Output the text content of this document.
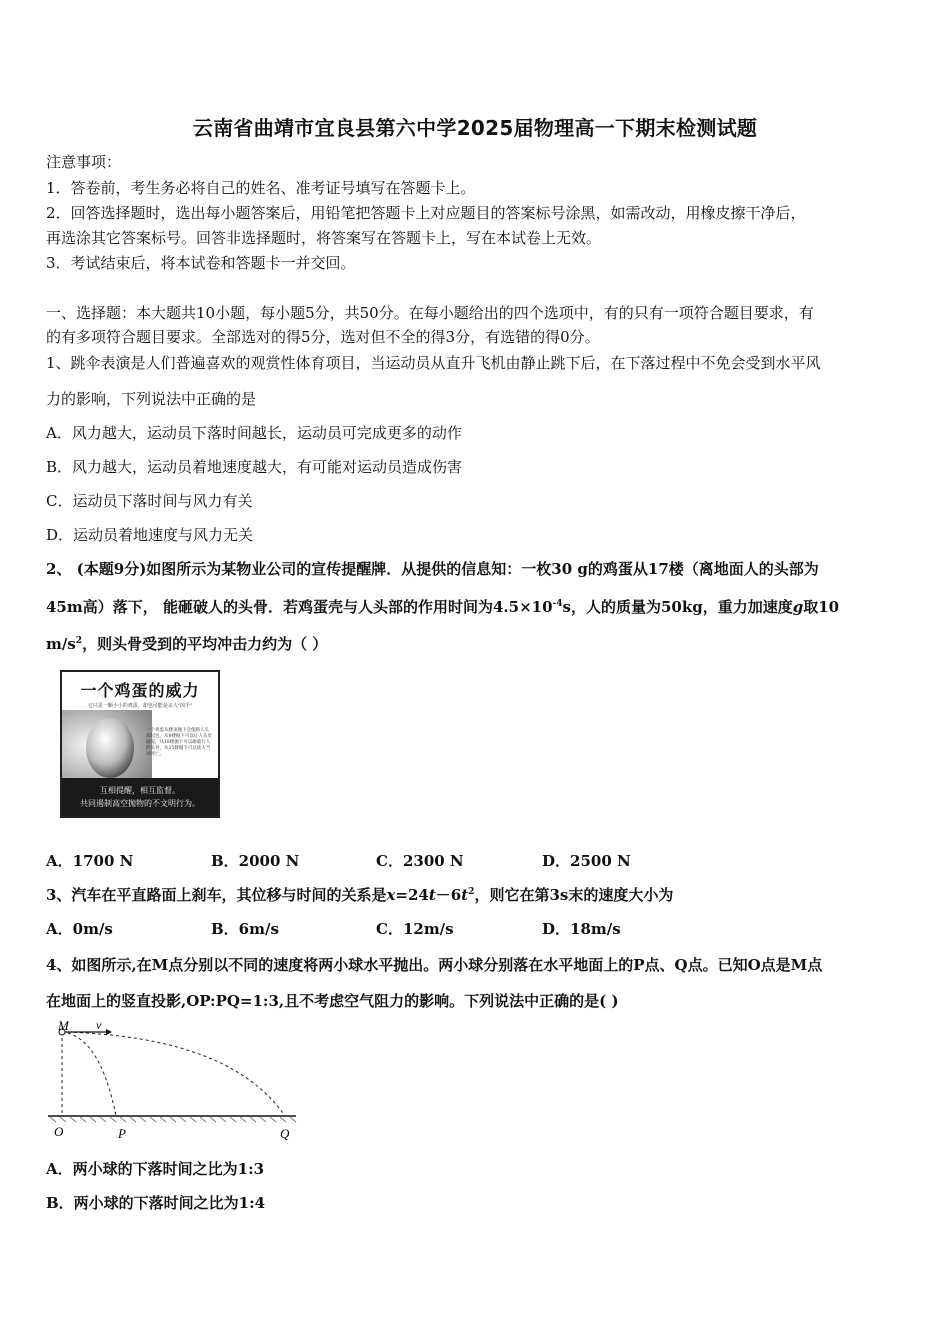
云南省曲靖市宜良县第六中学2025届物理高一下期末检测试题
注意事项：
1．答卷前，考生务必将自己的姓名、准考证号填写在答题卡上。
2．回答选择题时，选出每小题答案后，用铅笔把答题卡上对应题目的答案标号涂黑，如需改动，用橡皮擦干净后，
再选涂其它答案标号。回答非选择题时，将答案写在答题卡上，写在本试卷上无效。
3．考试结束后，将本试卷和答题卡一并交回。
一、选择题：本大题共10小题，每小题5分，共50分。在每小题给出的四个选项中，有的只有一项符合题目要求，有
的有多项符合题目要求。全部选对的得5分，选对但不全的得3分，有选错的得0分。
1、跳伞表演是人们普遍喜欢的观赏性体育项目，当运动员从直升飞机由静止跳下后，在下落过程中不免会受到水平风
力的影响，下列说法中正确的是
A．风力越大，运动员下落时间越长，运动员可完成更多的动作
B．风力越大，运动员着地速度越大，有可能对运动员造成伤害
C．运动员下落时间与风力有关
D．运动员着地速度与风力无关
2、 (本题9分)如图所示为某物业公司的宣传提醒牌．从提供的信息知：一枚30 g的鸡蛋从17楼（离地面人的头部为
45m高）落下， 能砸破人的头骨．若鸡蛋壳与人头部的作用时间为$4.5\times 10^{-4}s$，人的质量为50kg，重力加速度g取10
$m/s^2$，则头骨受到的平均冲击力约为（ ）
一个鸡蛋的威力
它只是一颗小小的鸡蛋，却也可能是杀人"凶手"
一个鸡蛋从楼顶抛下会使路人头部起包，从8楼抛下可以让人头皮破裂，从18楼抛下可以砸破行人的头骨，从25楼抛下可以使人当场死亡。
互相提醒，相互监督。
共同遏制高空抛物的不文明行为。
A．1700 N	B．2000 N	C．2300 N	D．2500 N
3、汽车在平直路面上刹车，其位移与时间的关系是$x=24t-6t^2$，则它在第3s末的速度大小为
A．0m/s	B．6m/s	C．12m/s	D．18m/s
4、如图所示,在M点分别以不同的速度将两小球水平抛出。两小球分别落在水平地面上的P点、Q点。已知O点是M点
在地面上的竖直投影,OP:PQ=1:3,且不考虑空气阻力的影响。下列说法中正确的是( )
M v
O	P	Q
A．两小球的下落时间之比为1:3
B．两小球的下落时间之比为1:4
